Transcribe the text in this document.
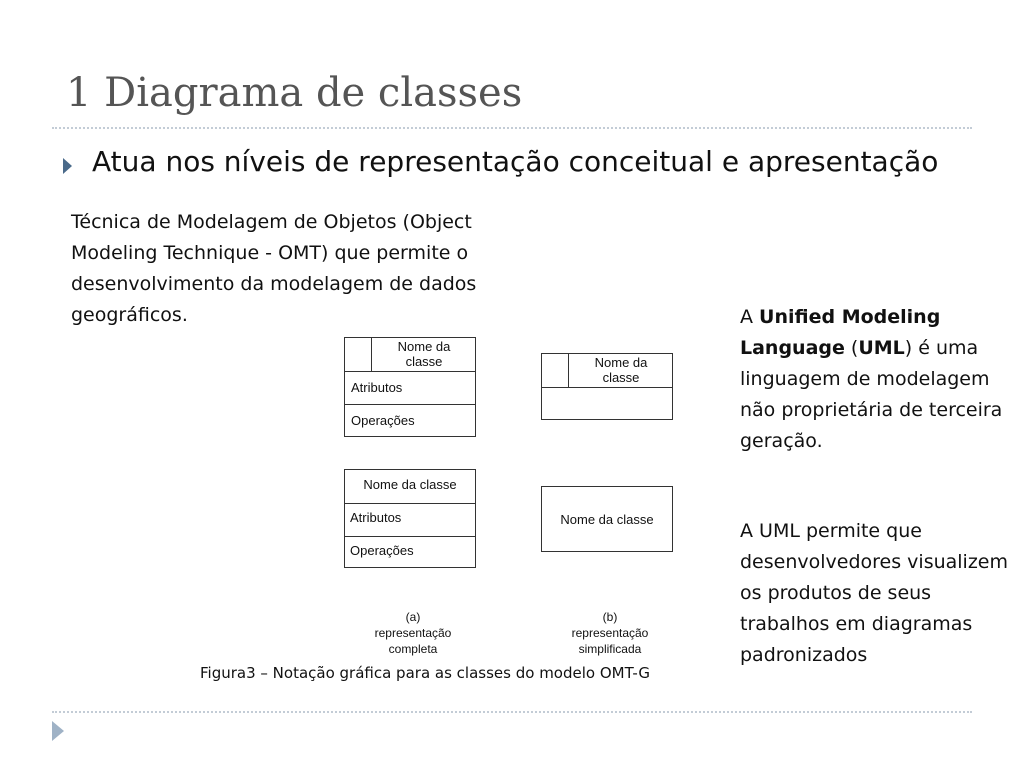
1 Diagrama de classes
Atua nos níveis de representação conceitual e apresentação
Técnica de Modelagem de Objetos (Object Modeling Technique - OMT) que permite o desenvolvimento da modelagem de dados geográficos.	A Unified Modeling Language (UML) é uma linguagem de modelagem não proprietária de terceira geração.
A UML permite que desenvolvedores visualizem os produtos de seus trabalhos em diagramas padronizados
Nome da
classe
Atributos
Operações
Nome da
classe
Nome da classe
Atributos
Operações
Nome da classe
(a)
representação
completa
(b)
representação
simplificada
Figura3 – Notação gráfica para as classes do modelo OMT-G
